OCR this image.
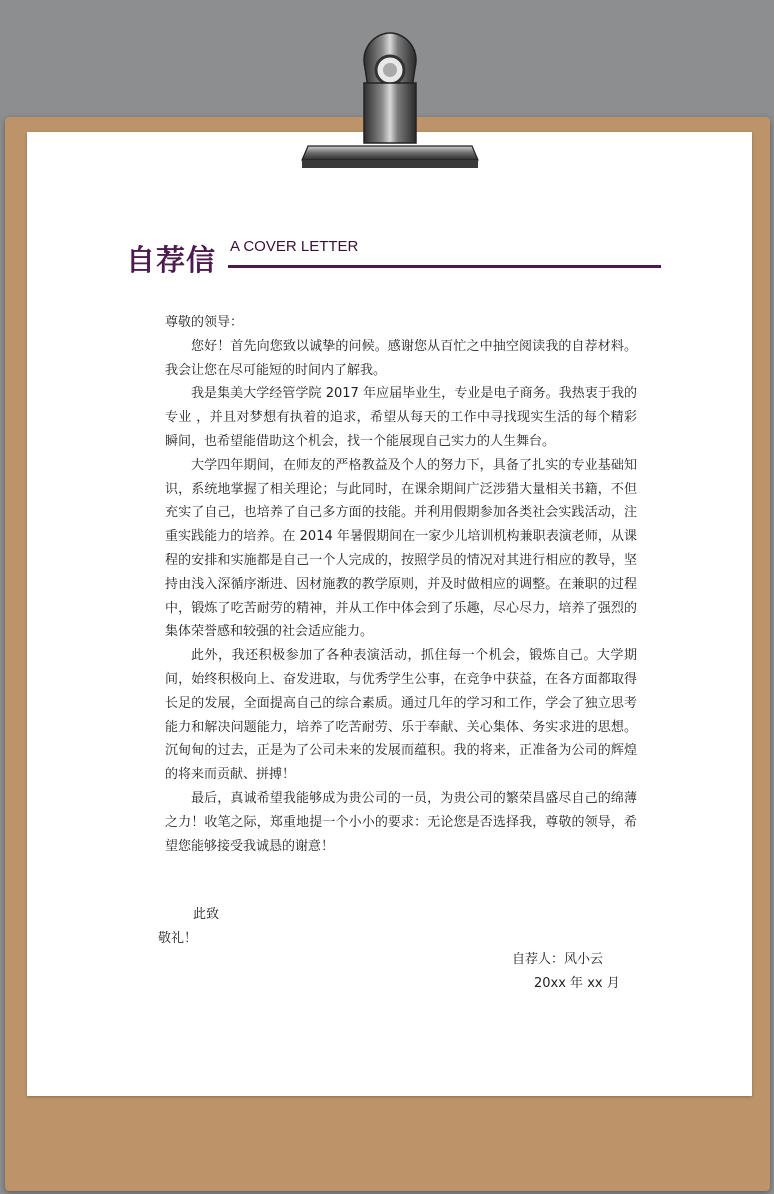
自荐信 A COVER LETTER

尊敬的领导：

您好！首先向您致以诚挚的问候。感谢您从百忙之中抽空阅读我的自荐材料。我会让您在尽可能短的时间内了解我。

我是集美大学经管学院 2017 年应届毕业生，专业是电子商务。我热衷于我的专业 ，并且对梦想有执着的追求，希望从每天的工作中寻找现实生活的每个精彩瞬间，也希望能借助这个机会，找一个能展现自己实力的人生舞台。

大学四年期间，在师友的严格教益及个人的努力下，具备了扎实的专业基础知识，系统地掌握了相关理论；与此同时，在课余期间广泛涉猎大量相关书籍，不但充实了自己，也培养了自己多方面的技能。并利用假期参加各类社会实践活动，注重实践能力的培养。在 2014 年暑假期间在一家少儿培训机构兼职表演老师，从课程的安排和实施都是自己一个人完成的，按照学员的情况对其进行相应的教导，坚持由浅入深循序渐进、因材施教的教学原则，并及时做相应的调整。在兼职的过程中，锻炼了吃苦耐劳的精神，并从工作中体会到了乐趣，尽心尽力，培养了强烈的集体荣誉感和较强的社会适应能力。

此外，我还积极参加了各种表演活动，抓住每一个机会，锻炼自己。大学期间，始终积极向上、奋发进取，与优秀学生公事，在竞争中获益，在各方面都取得长足的发展，全面提高自己的综合素质。通过几年的学习和工作，学会了独立思考能力和解决问题能力，培养了吃苦耐劳、乐于奉献、关心集体、务实求进的思想。沉甸甸的过去，正是为了公司未来的发展而蕴积。我的将来，正准备为公司的辉煌的将来而贡献、拼搏！

最后，真诚希望我能够成为贵公司的一员，为贵公司的繁荣昌盛尽自己的绵薄之力！收笔之际，郑重地提一个小小的要求：无论您是否选择我，尊敬的领导，希望您能够接受我诚恳的谢意！

此致
敬礼！
自荐人：风小云
20xx 年 xx 月
